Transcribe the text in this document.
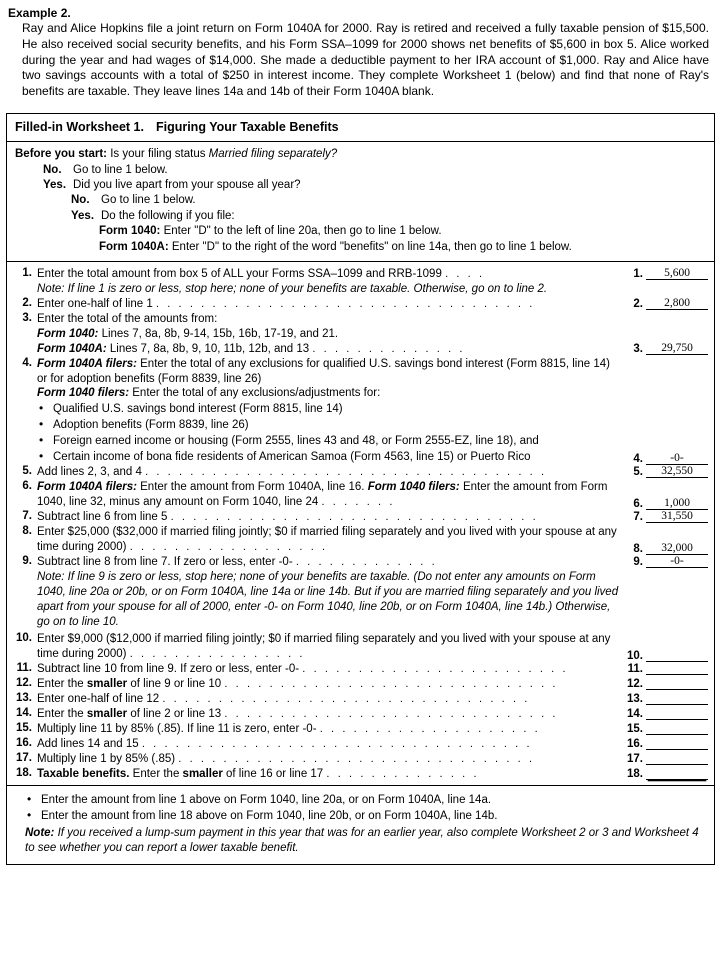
Example 2.
Ray and Alice Hopkins file a joint return on Form 1040A for 2000. Ray is retired and received a fully taxable pension of $15,500. He also received social security benefits, and his Form SSA–1099 for 2000 shows net benefits of $5,600 in box 5. Alice worked during the year and had wages of $14,000. She made a deductible payment to her IRA account of $1,000. Ray and Alice have two savings accounts with a total of $250 in interest income. They complete Worksheet 1 (below) and find that none of Ray's benefits are taxable. They leave lines 14a and 14b of their Form 1040A blank.
Filled-in Worksheet 1. Figuring Your Taxable Benefits
Before you start: Is your filing status Married filing separately?
No. Go to line 1 below.
Yes. Did you live apart from your spouse all year?
No. Go to line 1 below.
Yes. Do the following if you file:
Form 1040: Enter "D" to the left of line 20a, then go to line 1 below.
Form 1040A: Enter "D" to the right of the word "benefits" on line 14a, then go to line 1 below.
1. Enter the total amount from box 5 of ALL your Forms SSA–1099 and RRB-1099 . . . .	1.	5,600
Note: If line 1 is zero or less, stop here; none of your benefits are taxable. Otherwise, go on to line 2.
2. Enter one-half of line 1 . . . . . . . . . . . . . . . . . . . . . . . . . . . . . . . . . .	2.	2,800
3. Enter the total of the amounts from:
Form 1040: Lines 7, 8a, 8b, 9-14, 15b, 16b, 17-19, and 21.
Form 1040A: Lines 7, 8a, 8b, 9, 10, 11b, 12b, and 13 . . . . . . . . . . . . . .	3.	29,750
4. Form 1040A filers: Enter the total of any exclusions for qualified U.S. savings bond interest (Form 8815, line 14) or for adoption benefits (Form 8839, line 26)
Form 1040 filers: Enter the total of any exclusions/adjustments for:
• Qualified U.S. savings bond interest (Form 8815, line 14)
• Adoption benefits (Form 8839, line 26)
• Foreign earned income or housing (Form 2555, lines 43 and 48, or Form 2555-EZ, line 18), and
• Certain income of bona fide residents of American Samoa (Form 4563, line 15) or Puerto Rico	4.	-0-
5. Add lines 2, 3, and 4 . . . . . . . . . . . . . . . . . . . . . . . . . . . . . . . . . . . .	5.	32,550
6. Form 1040A filers: Enter the amount from Form 1040A, line 16. Form 1040 filers: Enter the amount from Form 1040, line 32, minus any amount on Form 1040, line 24 . . . . . . .	6.	1,000
7. Subtract line 6 from line 5 . . . . . . . . . . . . . . . . . . . . . . . . . . . . . . . . .	7.	31,550
8. Enter $25,000 ($32,000 if married filing jointly; $0 if married filing separately and you lived with your spouse at any time during 2000) . . . . . . . . . . . . . . . . . .	8.	32,000
9. Subtract line 8 from line 7. If zero or less, enter -0- . . . . . . . . . . . . .	9.	-0-
Note: If line 9 is zero or less, stop here; none of your benefits are taxable. (Do not enter any amounts on Form 1040, line 20a or 20b, or on Form 1040A, line 14a or line 14b. But if you are married filing separately and you lived apart from your spouse for all of 2000, enter -0- on Form 1040, line 20b, or on Form 1040A, line 14b.) Otherwise, go on to line 10.
10. Enter $9,000 ($12,000 if married filing jointly; $0 if married filing separately and you lived with your spouse at any time during 2000) . . . . . . . . . . . . . . . .	10.
11. Subtract line 10 from line 9. If zero or less, enter -0- . . . . . . . . . . . . . . . . . . . . . . . .	11.
12. Enter the smaller of line 9 or line 10 . . . . . . . . . . . . . . . . . . . . . . . . . . . . . .	12.
13. Enter one-half of line 12 . . . . . . . . . . . . . . . . . . . . . . . . . . . . . . . . .	13.
14. Enter the smaller of line 2 or line 13 . . . . . . . . . . . . . . . . . . . . . . . . . . . . . .	14.
15. Multiply line 11 by 85% (.85). If line 11 is zero, enter -0- . . . . . . . . . . . . . . . . . . . .	15.
16. Add lines 14 and 15 . . . . . . . . . . . . . . . . . . . . . . . . . . . . . . . . . . .	16.
17. Multiply line 1 by 85% (.85) . . . . . . . . . . . . . . . . . . . . . . . . . . . . . . . .	17.
18. Taxable benefits. Enter the smaller of line 16 or line 17 . . . . . . . . . . . . . .	18.
• Enter the amount from line 1 above on Form 1040, line 20a, or on Form 1040A, line 14a.
• Enter the amount from line 18 above on Form 1040, line 20b, or on Form 1040A, line 14b.
Note: If you received a lump-sum payment in this year that was for an earlier year, also complete Worksheet 2 or 3 and Worksheet 4 to see whether you can report a lower taxable benefit.
